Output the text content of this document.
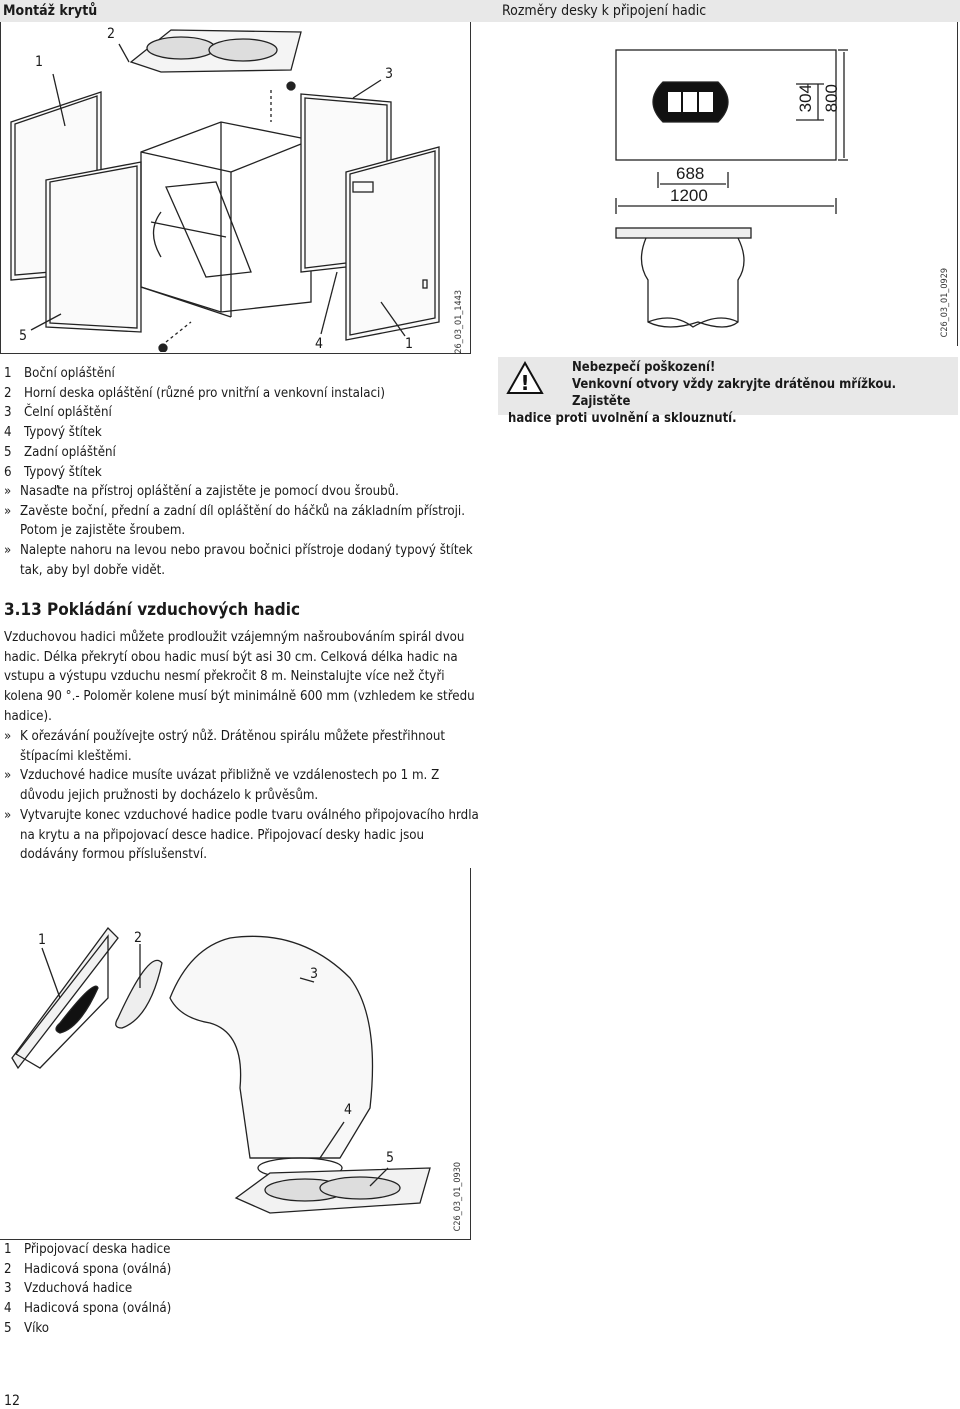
Montáž krytů	Rozměry desky k připojení hadic
1
2
3
5	4	1	26_03_01_1443
688
1200
304 800
C26_03_01_0929
1 Boční opláštění
2 Horní deska opláštění (různé pro vnitřní a venkovní instalaci)
3 Čelní opláštění
4 Typový štítek
5 Zadní opláštění
6 Typový štítek
» Nasaďte na přístroj opláštění a zajistěte je pomocí dvou šroubů.
» Zavěste boční, přední a zadní díl opláštění do háčků na základním přístroji. Potom je zajistěte šroubem.
» Nalepte nahoru na levou nebo pravou bočnici přístroje dodaný typový štítek tak, aby byl dobře vidět.
!
Nebezpečí poškození!
Venkovní otvory vždy zakryjte drátěnou mřížkou. Zajistěte
hadice proti uvolnění a sklouznutí.
3.13 Pokládání vzduchových hadic
Vzduchovou hadici můžete prodloužit vzájemným našroubováním spirál dvou hadic. Délka překrytí obou hadic musí být asi 30 cm. Celková délka hadic na vstupu a výstupu vzduchu nesmí překročit 8 m. Neinstalujte více než čtyři kolena 90 °.- Poloměr kolene musí být minimálně 600 mm (vzhledem ke středu hadice).
» K ořezávání používejte ostrý nůž. Drátěnou spirálu můžete přestřihnout štípacími kleštěmi.
» Vzduchové hadice musíte uvázat přibližně ve vzdálenostech po 1 m. Z důvodu jejich pružnosti by docházelo k průvěsům.
» Vytvarujte konec vzduchové hadice podle tvaru oválného připojovacího hrdla na krytu a na připojovací desce hadice. Připojovací desky hadic jsou dodávány formou příslušenství.
1	2
3
4
5
C26_03_01_0930
1 Připojovací deska hadice
2 Hadicová spona (oválná)
3 Vzduchová hadice
4 Hadicová spona (oválná)
5 Víko
12
